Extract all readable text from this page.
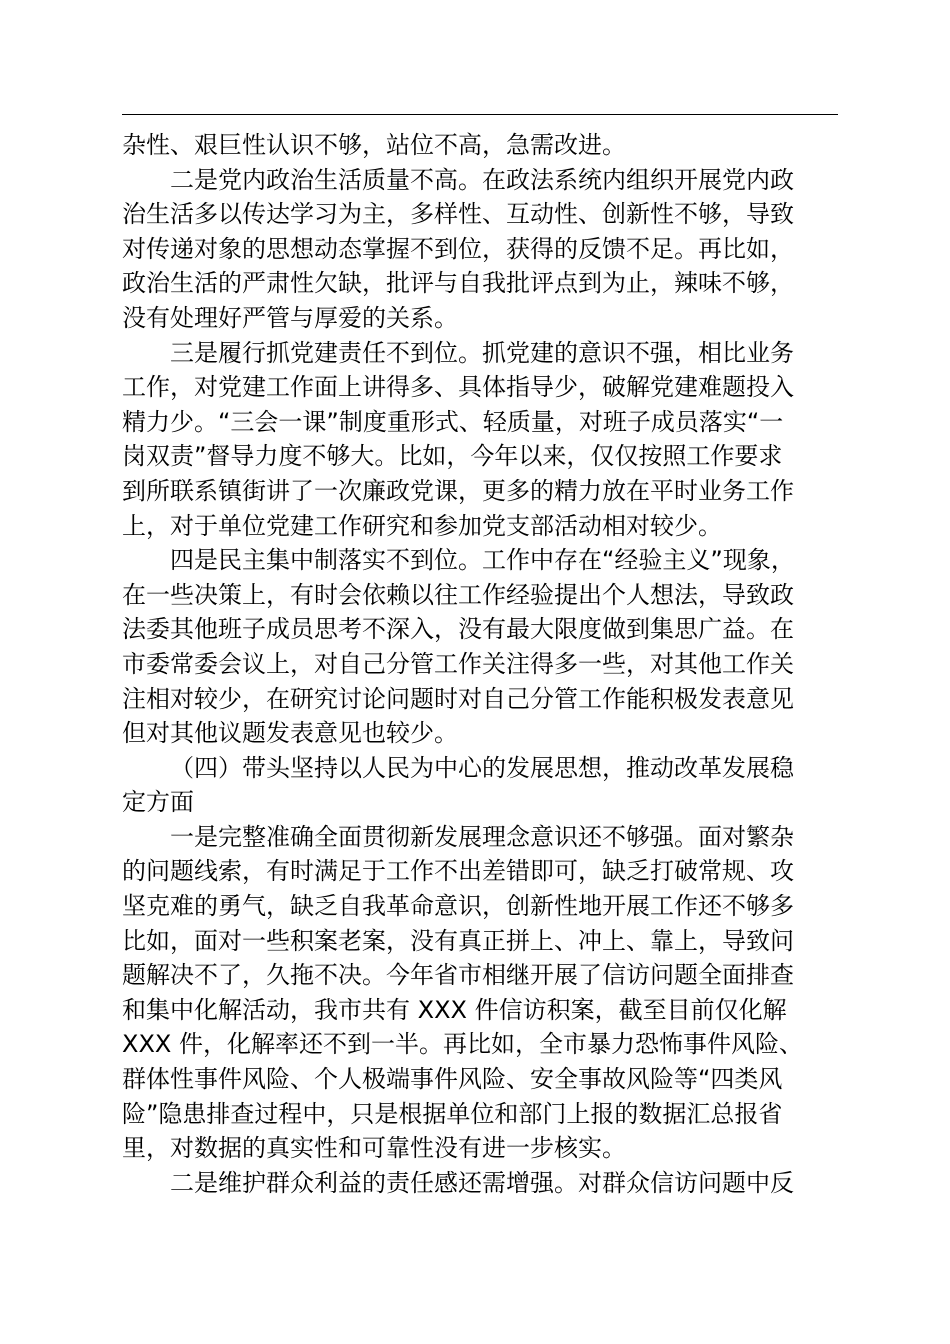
杂性、艰巨性认识不够，站位不高，急需改进。
二是党内政治生活质量不高。在政法系统内组织开展党内政
治生活多以传达学习为主，多样性、互动性、创新性不够，导致
对传递对象的思想动态掌握不到位，获得的反馈不足。再比如，
政治生活的严肃性欠缺，批评与自我批评点到为止，辣味不够，
没有处理好严管与厚爱的关系。
三是履行抓党建责任不到位。抓党建的意识不强，相比业务
工作，对党建工作面上讲得多、具体指导少，破解党建难题投入
精力少。“三会一课”制度重形式、轻质量，对班子成员落实“一
岗双责”督导力度不够大。比如，今年以来，仅仅按照工作要求
到所联系镇街讲了一次廉政党课，更多的精力放在平时业务工作
上，对于单位党建工作研究和参加党支部活动相对较少。
四是民主集中制落实不到位。工作中存在“经验主义”现象，
在一些决策上，有时会依赖以往工作经验提出个人想法，导致政
法委其他班子成员思考不深入，没有最大限度做到集思广益。在
市委常委会议上，对自己分管工作关注得多一些，对其他工作关
注相对较少，在研究讨论问题时对自己分管工作能积极发表意见
但对其他议题发表意见也较少。
（四）带头坚持以人民为中心的发展思想，推动改革发展稳
定方面
一是完整准确全面贯彻新发展理念意识还不够强。面对繁杂
的问题线索，有时满足于工作不出差错即可，缺乏打破常规、攻
坚克难的勇气，缺乏自我革命意识，创新性地开展工作还不够多
比如，面对一些积案老案，没有真正拼上、冲上、靠上，导致问
题解决不了，久拖不决。今年省市相继开展了信访问题全面排查
和集中化解活动，我市共有 XXX 件信访积案，截至目前仅化解
XXX 件，化解率还不到一半。再比如，全市暴力恐怖事件风险、
群体性事件风险、个人极端事件风险、安全事故风险等“四类风
险”隐患排查过程中，只是根据单位和部门上报的数据汇总报省
里，对数据的真实性和可靠性没有进一步核实。
二是维护群众利益的责任感还需增强。对群众信访问题中反
